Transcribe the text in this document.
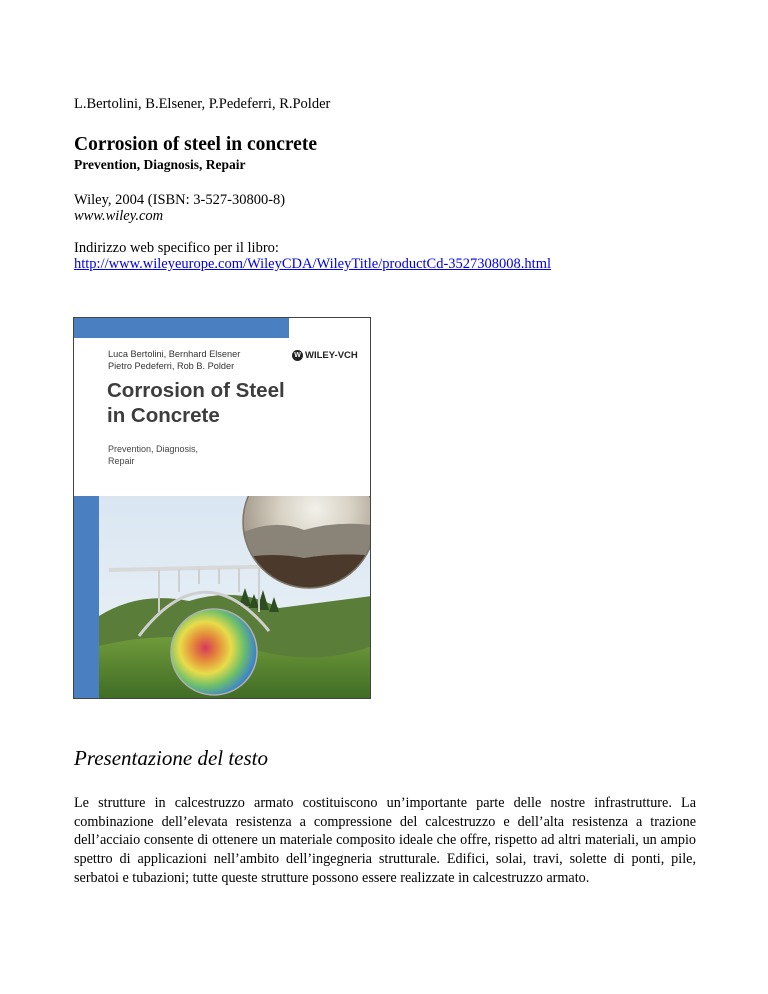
L.Bertolini, B.Elsener, P.Pedeferri, R.Polder
Corrosion of steel in concrete
Prevention, Diagnosis, Repair
Wiley, 2004 (ISBN: 3-527-30800-8)
www.wiley.com
Indirizzo web specifico per il libro:
http://www.wileyeurope.com/WileyCDA/WileyTitle/productCd-3527308008.html
Luca Bertolini, Bernhard Elsener
Pietro Pedeferri, Rob B. Polder
W WILEY-VCH
Corrosion of Steel
in Concrete
Prevention, Diagnosis,
Repair
Presentazione del testo

Le strutture in calcestruzzo armato costituiscono un’importante parte delle nostre infrastrutture. La combinazione dell’elevata resistenza a compressione del calcestruzzo e dell’alta resistenza a trazione dell’acciaio consente di ottenere un materiale composito ideale che offre, rispetto ad altri materiali, un ampio spettro di applicazioni nell’ambito dell’ingegneria strutturale. Edifici, solai, travi, solette di ponti, pile, serbatoi e tubazioni; tutte queste strutture possono essere realizzate in calcestruzzo armato.
